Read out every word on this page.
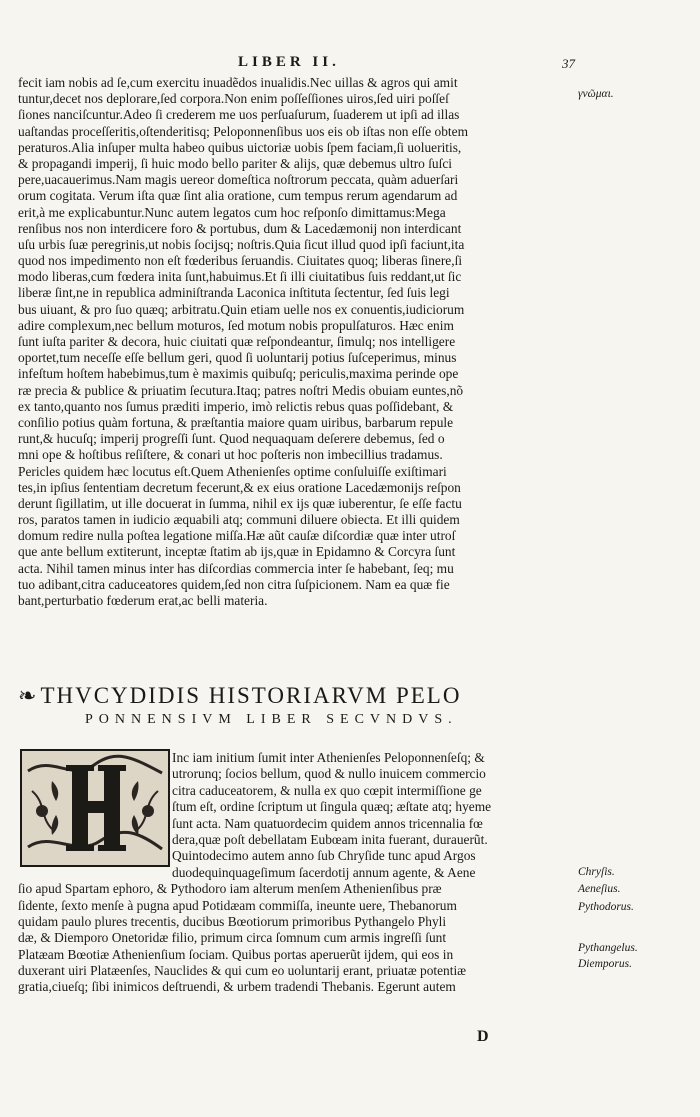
LIBER II.	37
fecit iam nobis ad ſe,cum exercitu inuadẽdos inualidis.Nec uillas & agros qui amit
tuntur,decet nos deplorare,ſed corpora.Non enim poſſeſſiones uiros,ſed uiri poſſeſ
ſiones nanciſcuntur.Adeo ſi crederem me uos perſuaſurum, ſuaderem ut ipſi ad illas
uaſtandas proceſſeritis,oſtenderitisq; Peloponnenſibus uos eis ob iſtas non eſſe obtem
peraturos.Alia inſuper multa habeo quibus uictoriæ uobis ſpem faciam,ſi uolueritis,
& propagandi imperij, ſi huic modo bello pariter & alijs, quæ debemus ultro ſuſci
pere,uacauerimus.Nam magis uereor domeſtica noſtrorum peccata, quàm aduerſari
orum cogitata. Verum iſta quæ ſint alia oratione, cum tempus rerum agendarum ad
erit,à me explicabuntur.Nunc autem legatos cum hoc reſponſo dimittamus:Mega
renſibus nos non interdicere foro & portubus, dum & Lacedæmonij non interdicant
uſu urbis ſuæ peregrinis,ut nobis ſocijsq; noſtris.Quia ſicut illud quod ipſi faciunt,ita
quod nos impedimento non eſt fœderibus ſeruandis. Ciuitates quoq; liberas ſinere,ſi
modo liberas,cum fœdera inita ſunt,habuimus.Et ſi illi ciuitatibus ſuis reddant,ut ſic
liberæ ſint,ne in republica adminiſtranda Laconica inſtituta ſectentur, ſed ſuis legi
bus uiuant, & pro ſuo quæq; arbitratu.Quin etiam uelle nos ex conuentis,iudiciorum
adire complexum,nec bellum moturos, ſed motum nobis propulſaturos. Hæc enim
ſunt iuſta pariter & decora, huic ciuitati quæ reſpondeantur, ſimulq; nos intelligere
oportet,tum neceſſe eſſe bellum geri, quod ſi uoluntarij potius ſuſceperimus, minus
infeſtum hoſtem habebimus,tum è maximis quibuſq; periculis,maxima perinde ope
ræ precia & publice & priuatim ſecutura.Itaq; patres noſtri Medis obuiam euntes,nõ
ex tanto,quanto nos ſumus præditi imperio, imò relictis rebus quas poſſidebant, &
conſilio potius quàm fortuna, & præſtantia maiore quam uiribus, barbarum repule
runt,& hucuſq; imperij progreſſi ſunt. Quod nequaquam deſerere debemus, ſed o
mni ope & hoſtibus reſiſtere, & conari ut hoc poſteris non imbecillius tradamus.
Pericles quidem hæc locutus eſt.Quem Athenienſes optime conſuluiſſe exiſtimari
tes,in ipſius ſententiam decretum fecerunt,& ex eius oratione Lacedæmonijs reſpon
derunt ſigillatim, ut ille docuerat in ſumma, nihil ex ijs quæ iuberentur, ſe eſſe factu
ros, paratos tamen in iudicio æquabili atq; communi diluere obiecta. Et illi quidem
domum redire nulla poſtea legatione miſſa.Hæ aũt cauſæ diſcordiæ quæ inter utroſ
que ante bellum extiterunt, inceptæ ſtatim ab ijs,quæ in Epidamno & Corcyra ſunt
acta. Nihil tamen minus inter has diſcordias commercia inter ſe habebant, ſeq; mu
tuo adibant,citra caduceatores quidem,ſed non citra ſuſpicionem. Nam ea quæ fie
bant,perturbatio fœderum erat,ac belli materia.
γνῶμαι.
Chryſis.
Aeneſius.
Pythodorus.
Pythangelus.
Diemporus.
❧THVCYDIDIS HISTORIARVM PELO
PONNENSIVM LIBER SECVNDVS.
Inc iam initium ſumit inter Athenienſes Peloponnenſeſq; &
utrorunq; ſocios bellum, quod & nullo inuicem commercio
citra caduceatorem, & nulla ex quo cœpit intermiſſione ge
ſtum eſt, ordine ſcriptum ut ſingula quæq; æſtate atq; hyeme
ſunt acta. Nam quatuordecim quidem annos tricennalia fœ
dera,quæ poſt debellatam Eubœam inita fuerant, durauerũt.
Quintodecimo autem anno ſub Chryſide tunc apud Argos
duodequinquageſimum ſacerdotij annum agente, & Aene
ſio apud Spartam ephoro, & Pythodoro iam alterum menſem Athenienſibus præ
ſidente, ſexto menſe à pugna apud Potidæam commiſſa, ineunte uere, Thebanorum
quidam paulo plures trecentis, ducibus Bœotiorum primoribus Pythangelo Phyli
dæ, & Diemporo Onetoridæ filio, primum circa ſomnum cum armis ingreſſi ſunt
Platæam Bœotiæ Athenienſium ſociam. Quibus portas aperuerũt ijdem, qui eos in
duxerant uiri Platæenſes, Nauclides & qui cum eo uoluntarij erant, priuatæ potentiæ
gratia,ciueſq; ſibi inimicos deſtruendi, & urbem tradendi Thebanis. Egerunt autem
D
